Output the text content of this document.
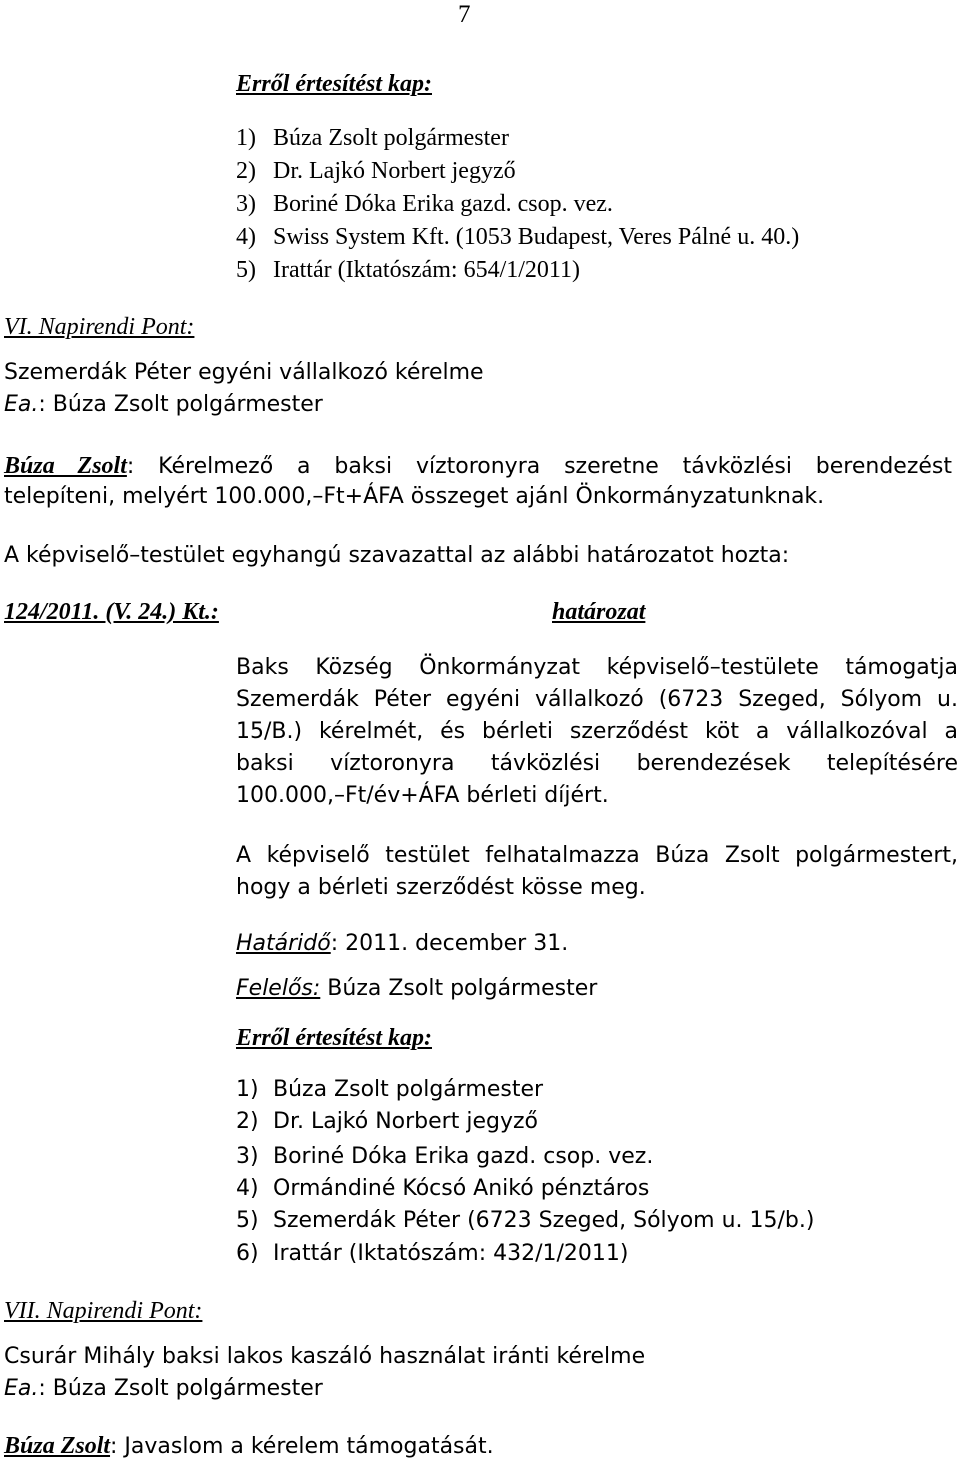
7
Erről értesítést kap:
1) Búza Zsolt polgármester
2) Dr. Lajkó Norbert jegyző
3) Boriné Dóka Erika gazd. csop. vez.
4) Swiss System Kft. (1053 Budapest, Veres Pálné u. 40.)
5) Irattár (Iktatószám: 654/1/2011)
VI. Napirendi Pont:
Szemerdák Péter egyéni vállalkozó kérelme
Ea.: Búza Zsolt polgármester
Búza Zsolt: Kérelmező a baksi víztoronyra szeretne távközlési berendezést
telepíteni, melyért 100.000,–Ft+ÁFA összeget ajánl Önkormányzatunknak.
A képviselő–testület egyhangú szavazattal az alábbi határozatot hozta:
124/2011. (V. 24.) Kt.:	határozat
Baks Község Önkormányzat képviselő–testülete támogatja
Szemerdák Péter egyéni vállalkozó (6723 Szeged, Sólyom u.
15/B.) kérelmét, és bérleti szerződést köt a vállalkozóval a
baksi víztoronyra távközlési berendezések telepítésére
100.000,–Ft/év+ÁFA bérleti díjért.
A képviselő testület felhatalmazza Búza Zsolt polgármestert,
hogy a bérleti szerződést kösse meg.
Határidő: 2011. december 31.
Felelős: Búza Zsolt polgármester
Erről értesítést kap:
1) Búza Zsolt polgármester
2) Dr. Lajkó Norbert jegyző
3) Boriné Dóka Erika gazd. csop. vez.
4) Ormándiné Kócsó Anikó pénztáros
5) Szemerdák Péter (6723 Szeged, Sólyom u. 15/b.)
6) Irattár (Iktatószám: 432/1/2011)
VII. Napirendi Pont:
Csurár Mihály baksi lakos kaszáló használat iránti kérelme
Ea.: Búza Zsolt polgármester
Búza Zsolt: Javaslom a kérelem támogatását.
